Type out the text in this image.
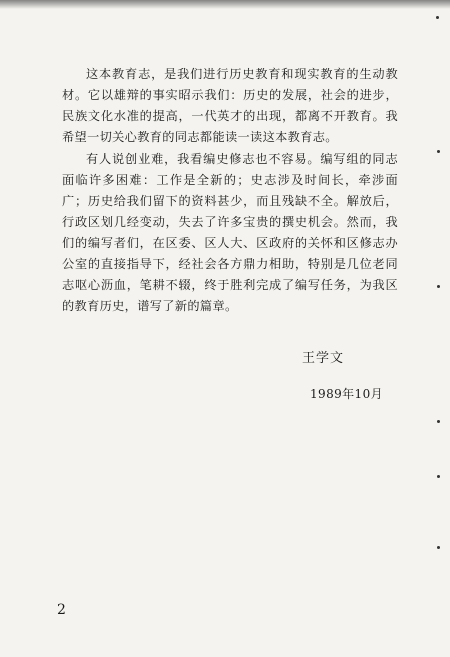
这本教育志，是我们进行历史教育和现实教育的生动教材。它以雄辩的事实昭示我们：历史的发展，社会的进步，民族文化水准的提高，一代英才的出现，都离不开教育。我希望一切关心教育的同志都能读一读这本教育志。

有人说创业难，我看编史修志也不容易。编写组的同志面临许多困难：工作是全新的；史志涉及时间长，牵涉面广；历史给我们留下的资料甚少，而且残缺不全。解放后，行政区划几经变动，失去了许多宝贵的撰史机会。然而，我们的编写者们，在区委、区人大、区政府的关怀和区修志办公室的直接指导下，经社会各方鼎力相助，特别是几位老同志呕心沥血，笔耕不辍，终于胜利完成了编写任务，为我区的教育历史，谱写了新的篇章。

王学文
1989年10月
2
